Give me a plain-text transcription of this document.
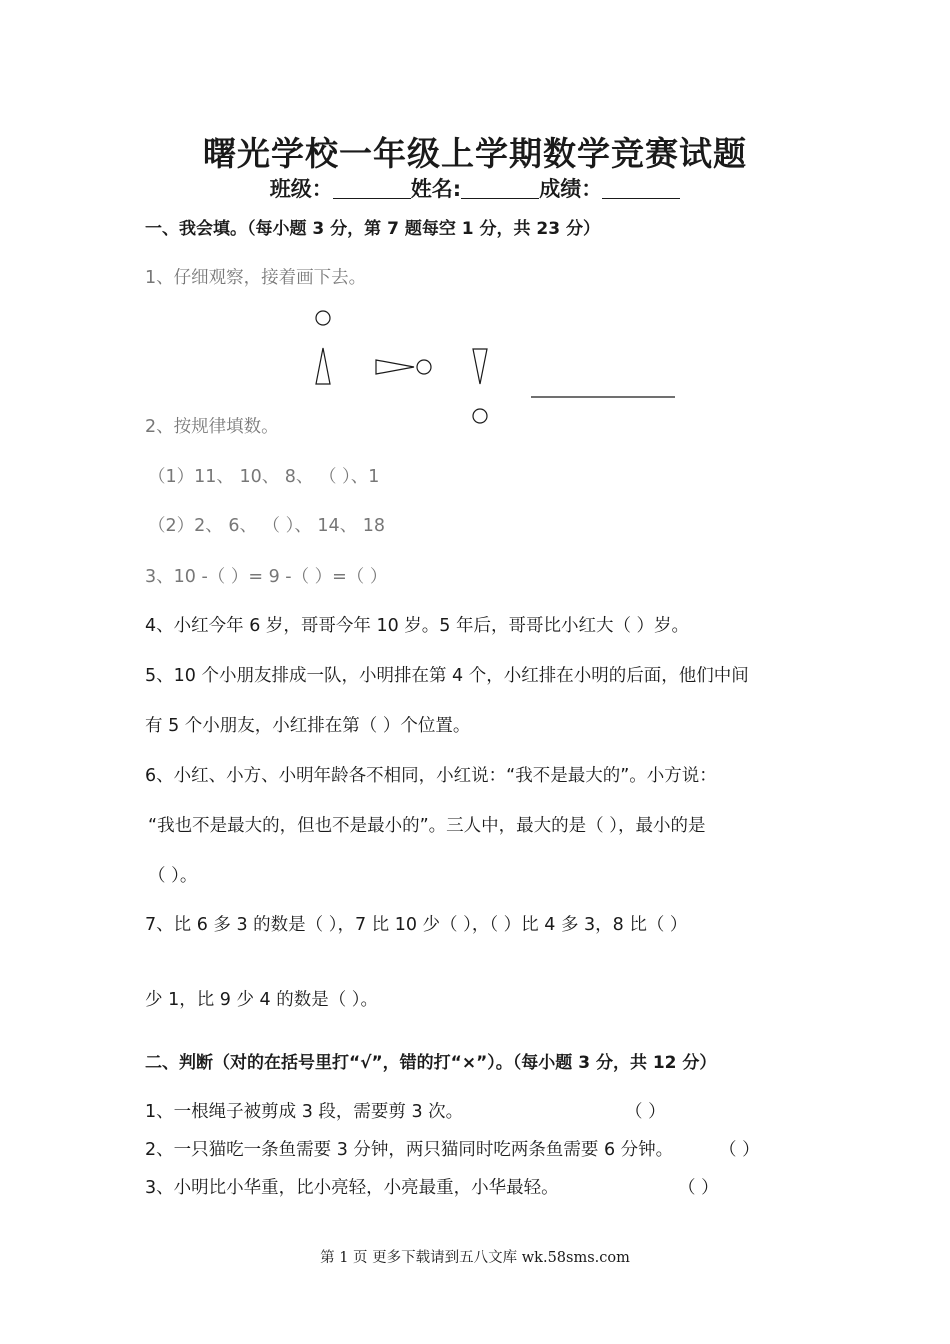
曙光学校一年级上学期数学竞赛试题
班级：	姓名:	成绩：
一、我会填。（每小题 3 分，第 7 题每空 1 分，共 23 分）
1、仔细观察，接着画下去。
2、按规律填数。
（1）11、 10、 8、 （ ）、1
（2）2、 6、 （ ）、 14、 18
3、10 -（ ）= 9 -（ ）=（ ）
4、小红今年 6 岁，哥哥今年 10 岁。5 年后，哥哥比小红大（ ）岁。
5、10 个小朋友排成一队，小明排在第 4 个，小红排在小明的后面，他们中间
有 5 个小朋友，小红排在第（ ）个位置。
6、小红、小方、小明年龄各不相同，小红说：“我不是最大的”。小方说：
“我也不是最大的，但也不是最小的”。三人中，最大的是（ ），最小的是
（ ）。
7、比 6 多 3 的数是（ ），7 比 10 少（ ），（ ）比 4 多 3，8 比（ ）
少 1，比 9 少 4 的数是（ ）。
二、判断（对的在括号里打“√”，错的打“×”）。（每小题 3 分，共 12 分）
1、一根绳子被剪成 3 段，需要剪 3 次。	（ ）
2、一只猫吃一条鱼需要 3 分钟，两只猫同时吃两条鱼需要 6 分钟。	（ ）
3、小明比小华重，比小亮轻，小亮最重，小华最轻。	（ ）
第 1 页 更多下载请到五八文库 wk.58sms.com
